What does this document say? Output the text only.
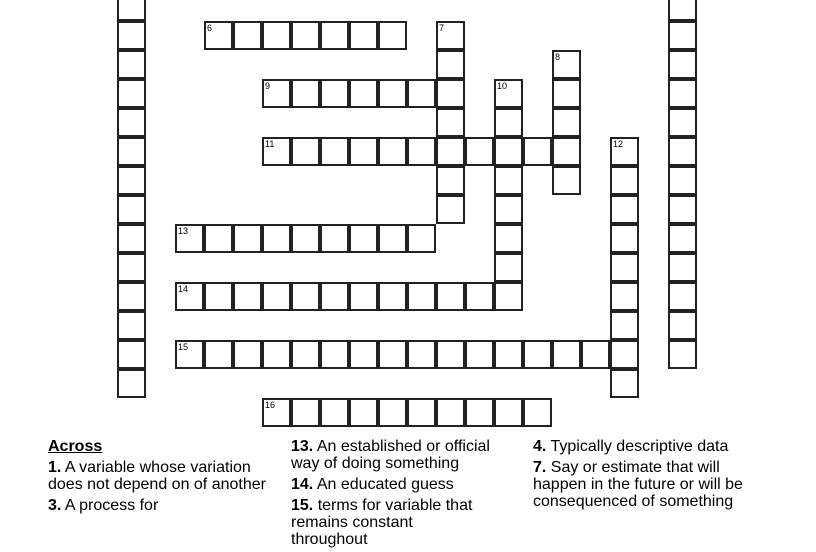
6	7
8
9	10
11	12
13
14
15
16
Across

1. A variable whose variation does not depend on of another

3. A process for

13. An established or official way of doing something

14. An educated guess

15. terms for variable that remains constant throughout

4. Typically descriptive data

7. Say or estimate that will happen in the future or will be consequenced of something
